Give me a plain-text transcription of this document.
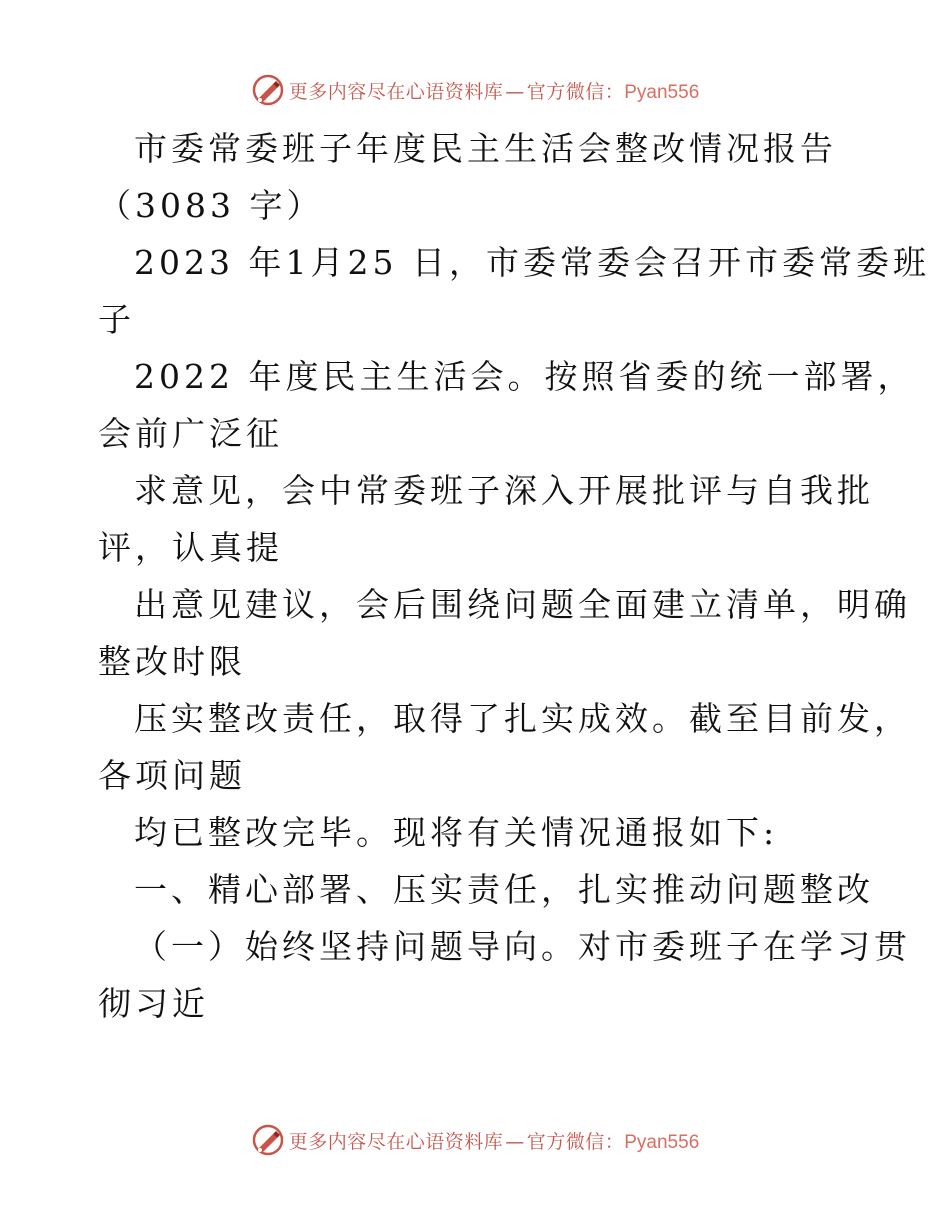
更多内容尽在心语资料库 — 官方微信：Pyan556
市委常委班子年度民主生活会整改情况报告
（3083 字）
2023 年1月25 日，市委常委会召开市委常委班
子
2022 年度民主生活会。按照省委的统一部署，
会前广泛征
求意见，会中常委班子深入开展批评与自我批
评，认真提
出意见建议，会后围绕问题全面建立清单，明确
整改时限
压实整改责任，取得了扎实成效。截至目前发，
各项问题
均已整改完毕。现将有关情况通报如下:
一、精心部署、压实责任，扎实推动问题整改
（一）始终坚持问题导向。对市委班子在学习贯
彻习近
更多内容尽在心语资料库 — 官方微信：Pyan556
